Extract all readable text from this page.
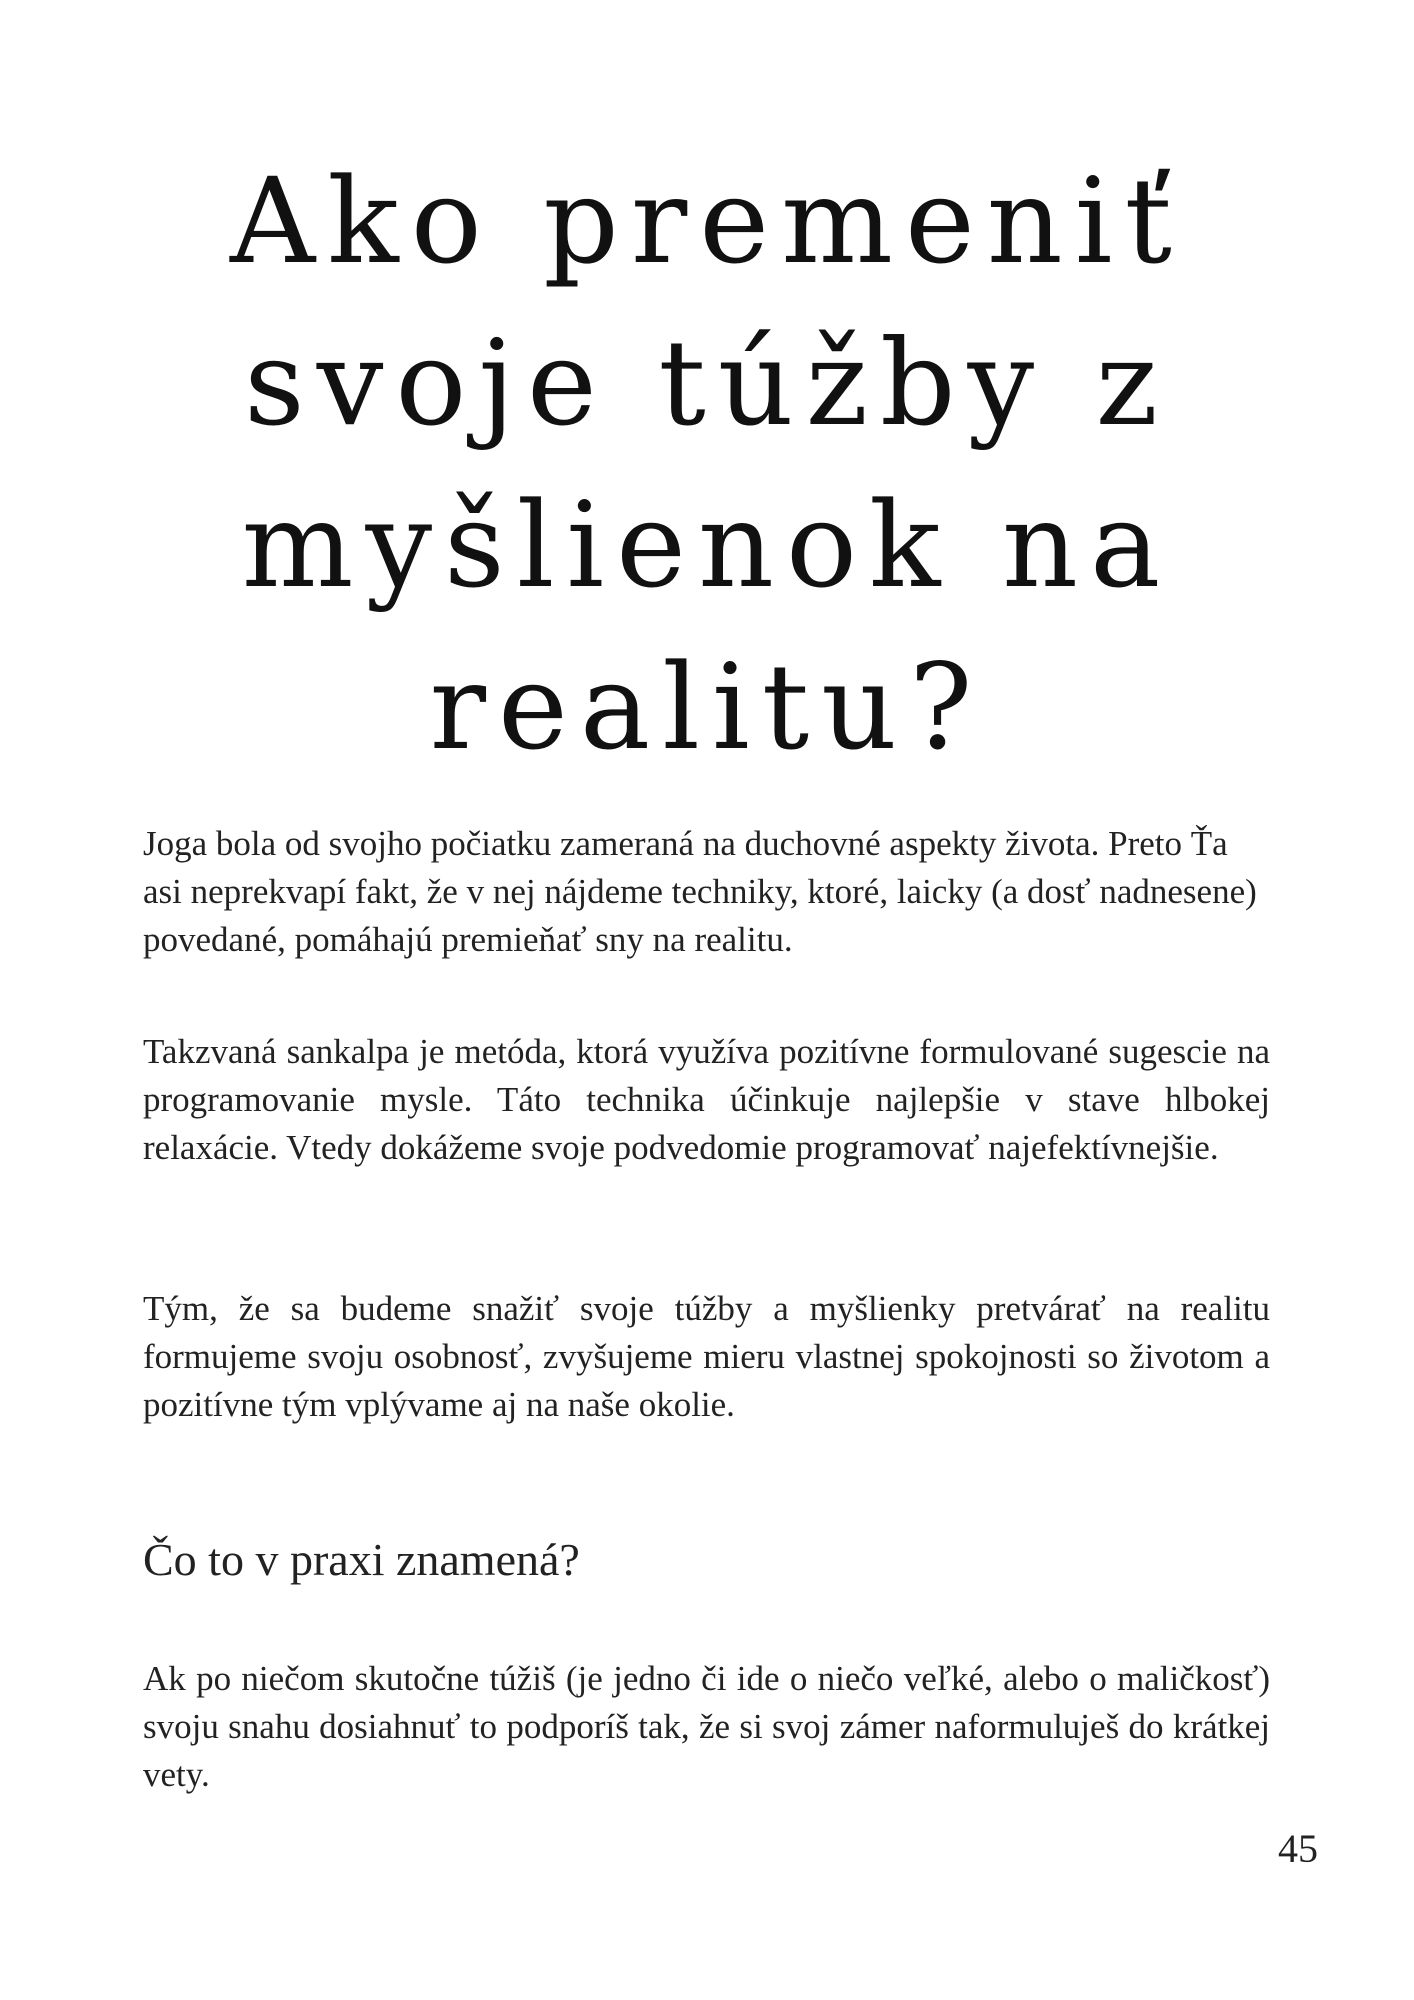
Ako premeniť
svoje túžby z
myšlienok na
realitu?

Joga bola od svojho počiatku zameraná na duchovné aspekty života. Preto Ťa asi neprekvapí fakt, že v nej nájdeme techniky, ktoré, laicky (a dosť nadnesene) povedané, pomáhajú premieňať sny na realitu.

Takzvaná sankalpa je metóda, ktorá využíva pozitívne formulované sugescie na programovanie mysle. Táto technika účinkuje najlepšie v stave hlbokej relaxácie. Vtedy dokážeme svoje podvedomie programovať najefektívnejšie.

Tým, že sa budeme snažiť svoje túžby a myšlienky pretvárať na realitu formujeme svoju osobnosť, zvyšujeme mieru vlastnej spokojnosti so životom a pozitívne tým vplývame aj na naše okolie.

Čo to v praxi znamená?

Ak po niečom skutočne túžiš (je jedno či ide o niečo veľké, alebo o maličkosť) svoju snahu dosiahnuť to podporíš tak, že si svoj zámer naformuluješ do krátkej vety.

45
